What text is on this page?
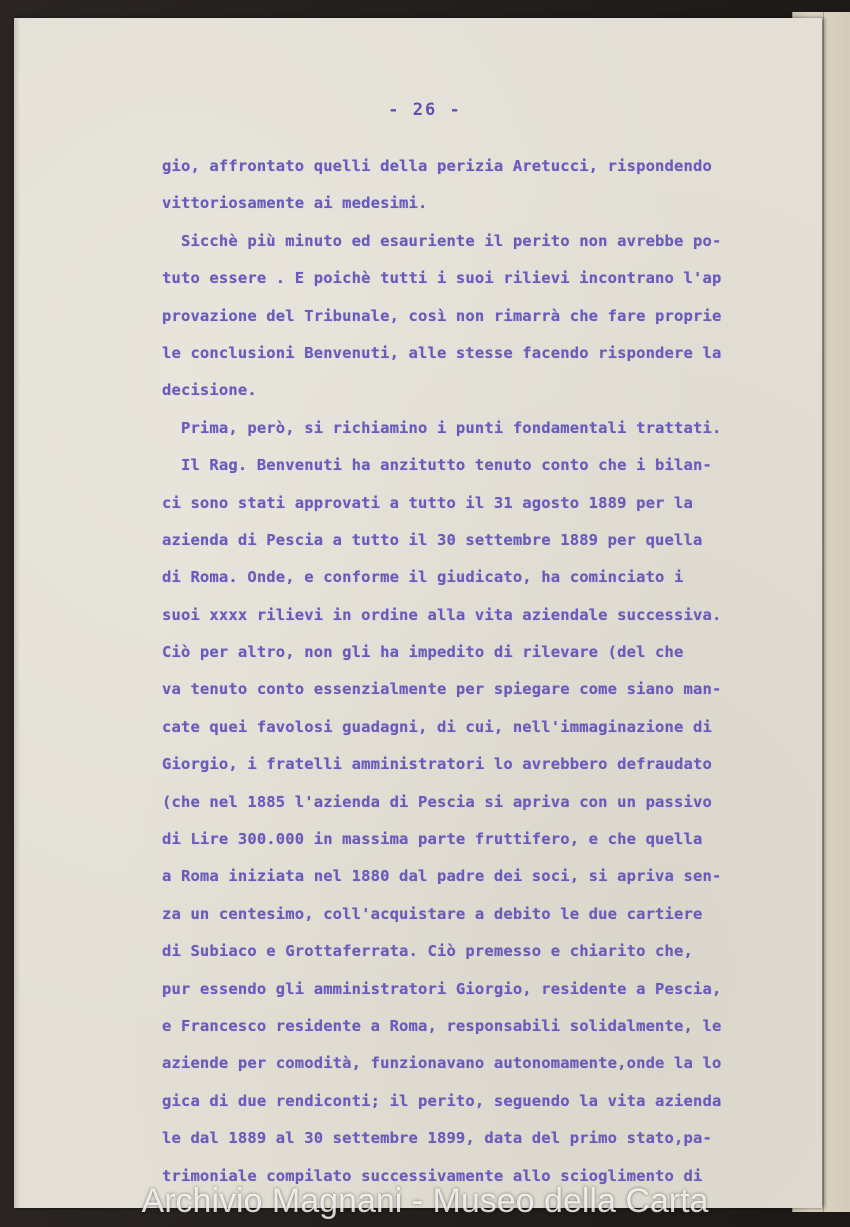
- 26 -
gio, affrontato quelli della perizia Aretucci, rispondendo
vittoriosamente ai medesimi.
Sicchè più minuto ed esauriente il perito non avrebbe po-
tuto essere . E poichè tutti i suoi rilievi incontrano l'ap
provazione del Tribunale, così non rimarrà che fare proprie
le conclusioni Benvenuti, alle stesse facendo rispondere la
decisione.
Prima, però, si richiamino i punti fondamentali trattati.
Il Rag. Benvenuti ha anzitutto tenuto conto che i bilan-
ci sono stati approvati a tutto il 31 agosto 1889 per la
azienda di Pescia a tutto il 30 settembre 1889 per quella
di Roma. Onde, e conforme il giudicato, ha cominciato i
suoi xxxx rilievi in ordine alla vita aziendale successiva.
Ciò per altro, non gli ha impedito di rilevare (del che
va tenuto conto essenzialmente per spiegare come siano man-
cate quei favolosi guadagni, di cui, nell'immaginazione di
Giorgio, i fratelli amministratori lo avrebbero defraudato
(che nel 1885 l'azienda di Pescia si apriva con un passivo
di Lire 300.000 in massima parte fruttifero, e che quella
a Roma iniziata nel 1880 dal padre dei soci, si apriva sen-
za un centesimo, coll'acquistare a debito le due cartiere
di Subiaco e Grottaferrata. Ciò premesso e chiarito che,
pur essendo gli amministratori Giorgio, residente a Pescia,
e Francesco residente a Roma, responsabili solidalmente, le
aziende per comodità, funzionavano autonomamente,onde la lo
gica di due rendiconti; il perito, seguendo la vita azienda
le dal 1889 al 30 settembre 1899, data del primo stato,pa-
trimoniale compilato successivamente allo scioglimento di
Archivio Magnani - Museo della Carta
